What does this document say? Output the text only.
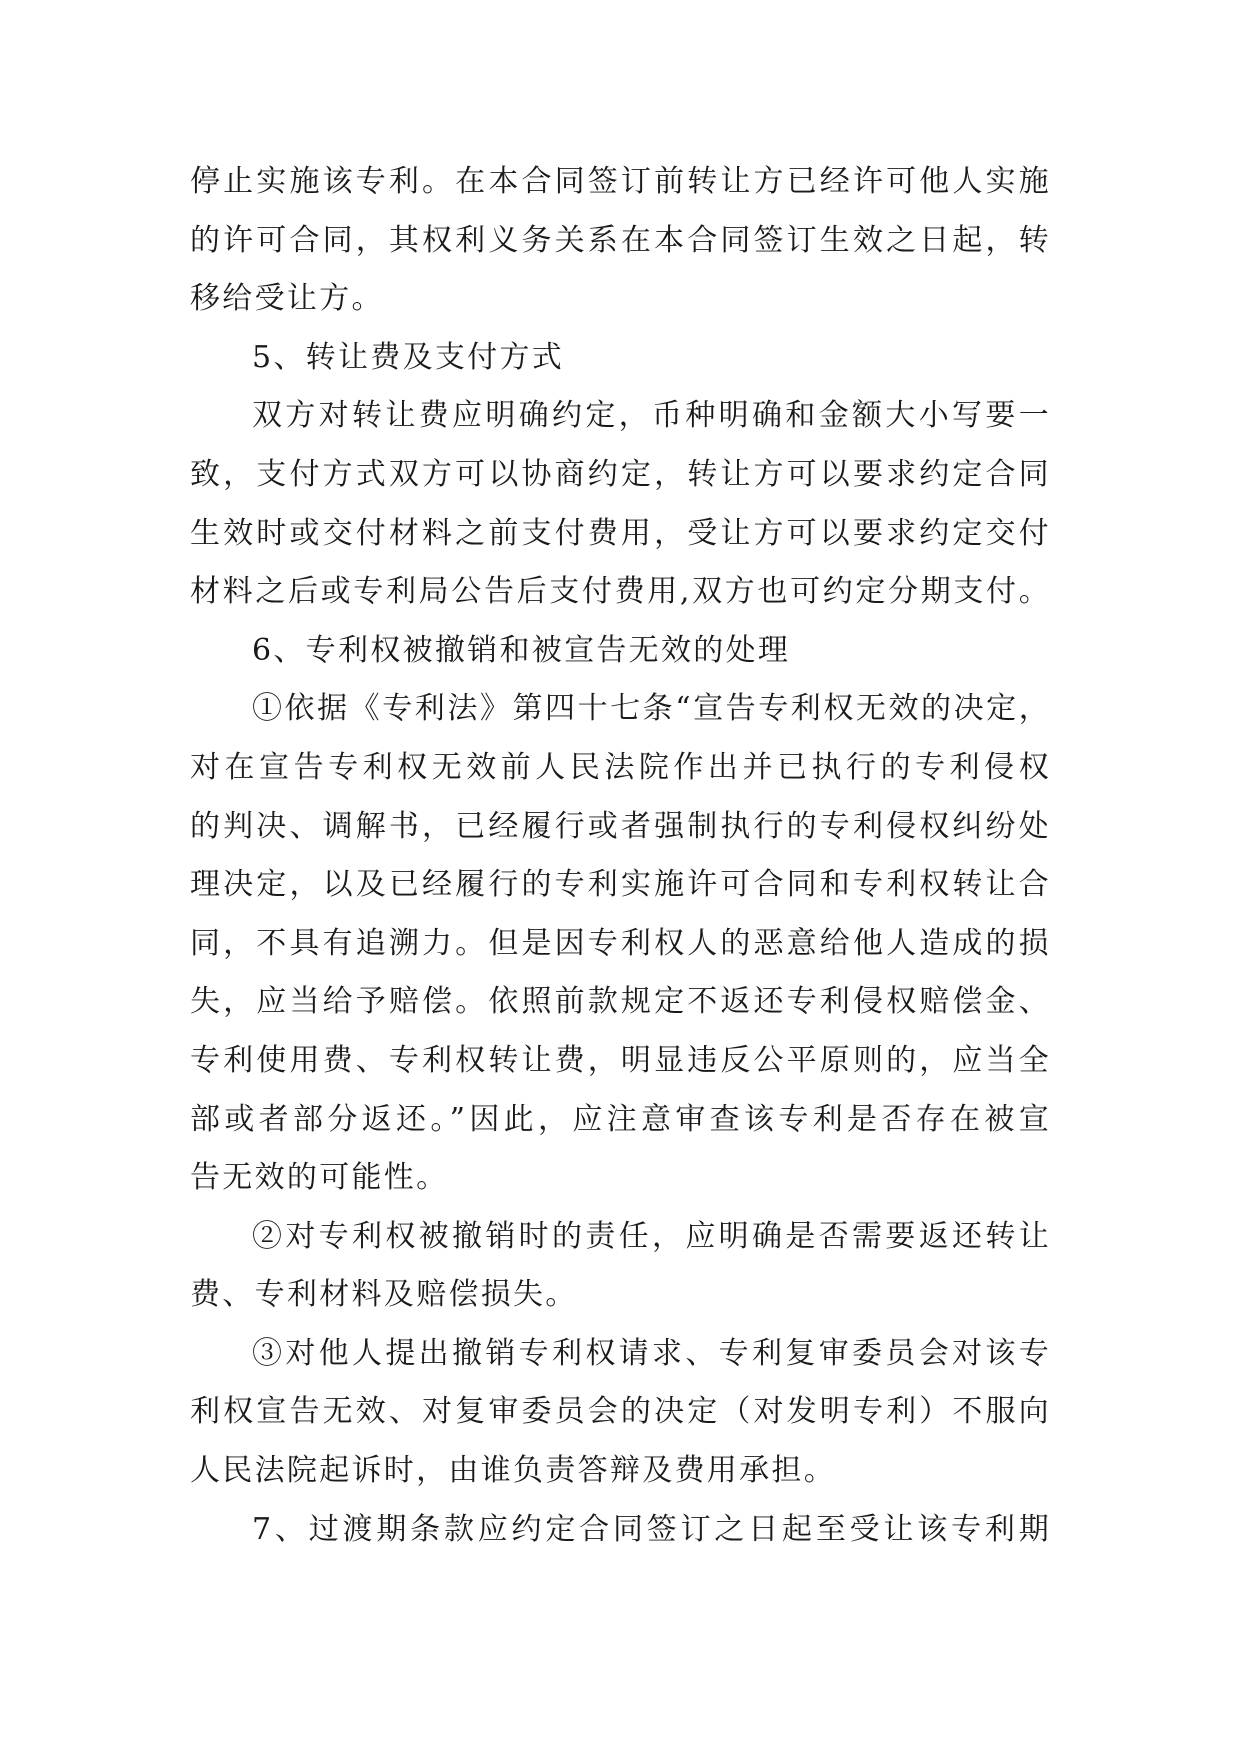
停止实施该专利。在本合同签订前转让方已经许可他人实施
的许可合同，其权利义务关系在本合同签订生效之日起，转
移给受让方。
5、转让费及支付方式
双方对转让费应明确约定，币种明确和金额大小写要一
致，支付方式双方可以协商约定，转让方可以要求约定合同
生效时或交付材料之前支付费用，受让方可以要求约定交付
材料之后或专利局公告后支付费用,双方也可约定分期支付。
6、专利权被撤销和被宣告无效的处理
①依据《专利法》第四十七条“宣告专利权无效的决定，
对在宣告专利权无效前人民法院作出并已执行的专利侵权
的判决、调解书，已经履行或者强制执行的专利侵权纠纷处
理决定，以及已经履行的专利实施许可合同和专利权转让合
同，不具有追溯力。但是因专利权人的恶意给他人造成的损
失，应当给予赔偿。依照前款规定不返还专利侵权赔偿金、
专利使用费、专利权转让费，明显违反公平原则的，应当全
部或者部分返还。”因此，应注意审查该专利是否存在被宣
告无效的可能性。
②对专利权被撤销时的责任，应明确是否需要返还转让
费、专利材料及赔偿损失。
③对他人提出撤销专利权请求、专利复审委员会对该专
利权宣告无效、对复审委员会的决定（对发明专利）不服向
人民法院起诉时，由谁负责答辩及费用承担。
7、过渡期条款应约定合同签订之日起至受让该专利期
